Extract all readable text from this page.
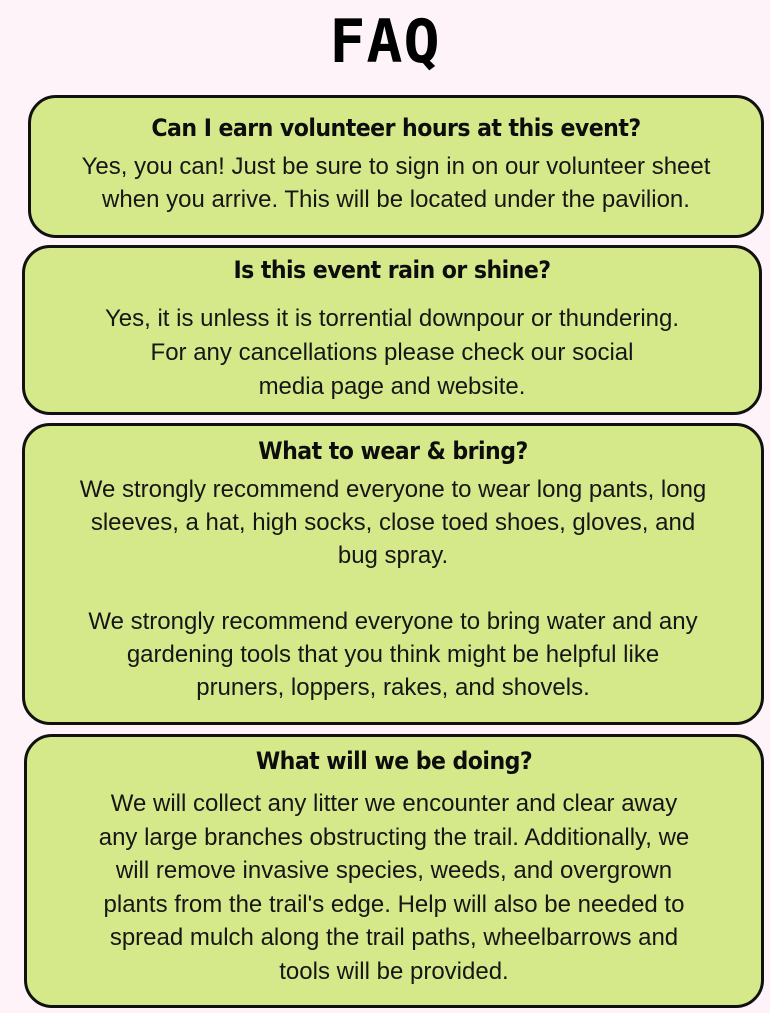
FAQ
Can I earn volunteer hours at this event?

Yes, you can! Just be sure to sign in on our volunteer sheet

when you arrive. This will be located under the pavilion.

Is this event rain or shine?

Yes, it is unless it is torrential downpour or thundering.

For any cancellations please check our social

media page and website.

What to wear & bring?

We strongly recommend everyone to wear long pants, long

sleeves, a hat, high socks, close toed shoes, gloves, and

bug spray.

We strongly recommend everyone to bring water and any

gardening tools that you think might be helpful like

pruners, loppers, rakes, and shovels.

What will we be doing?

We will collect any litter we encounter and clear away

any large branches obstructing the trail. Additionally, we

will remove invasive species, weeds, and overgrown

plants from the trail's edge. Help will also be needed to

spread mulch along the trail paths, wheelbarrows and

tools will be provided.
